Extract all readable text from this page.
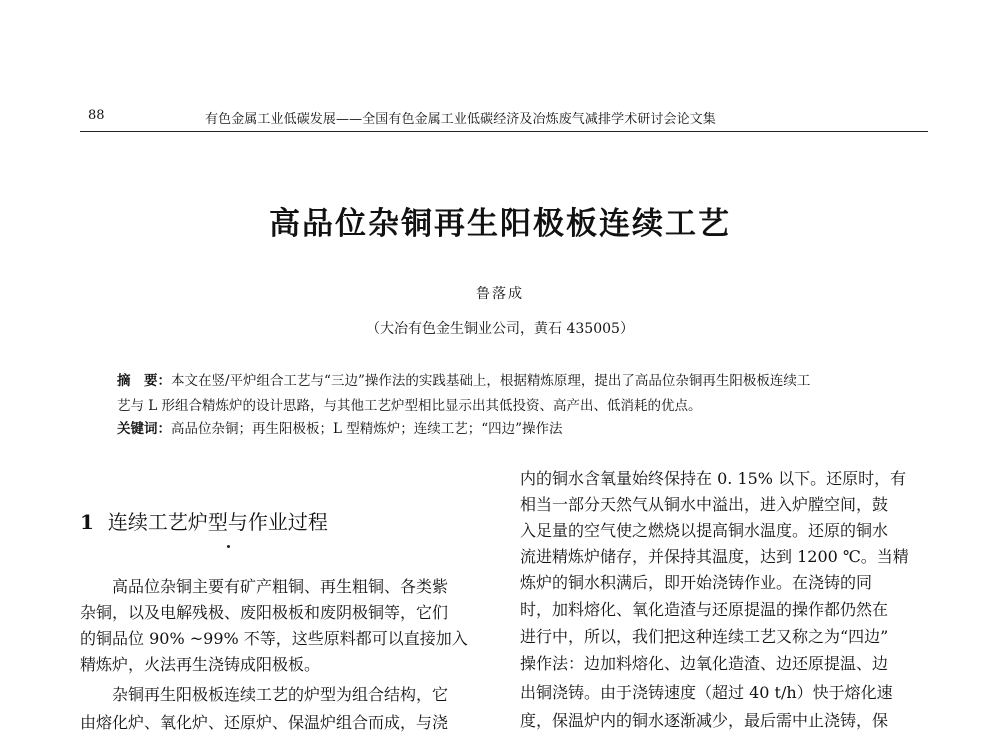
88	有色金属工业低碳发展——全国有色金属工业低碳经济及冶炼废气减排学术研讨会论文集
高品位杂铜再生阳极板连续工艺
鲁落成
（大冶有色金生铜业公司，黄石 435005）
摘　要：本文在竖/平炉组合工艺与“三边”操作法的实践基础上，根据精炼原理，提出了高品位杂铜再生阳极板连续工
艺与 L 形组合精炼炉的设计思路，与其他工艺炉型相比显示出其低投资、高产出、低消耗的优点。
关键词：高品位杂铜；再生阳极板；L 型精炼炉；连续工艺；“四边”操作法
1 连续工艺炉型与作业过程
　　高品位杂铜主要有矿产粗铜、再生粗铜、各类紫
杂铜，以及电解残极、废阳极板和废阴极铜等，它们
的铜品位 90% ~99% 不等，这些原料都可以直接加入
精炼炉，火法再生浇铸成阳极板。
　　杂铜再生阳极板连续工艺的炉型为组合结构，它
由熔化炉、氧化炉、还原炉、保温炉组合而成，与浇
内的铜水含氧量始终保持在 0. 15% 以下。还原时，有
相当一部分天然气从铜水中溢出，进入炉膛空间，鼓
入足量的空气使之燃烧以提高铜水温度。还原的铜水
流进精炼炉储存，并保持其温度，达到 1200 ℃。当精
炼炉的铜水积满后，即开始浇铸作业。在浇铸的同
时，加料熔化、氧化造渣与还原提温的操作都仍然在
进行中，所以，我们把这种连续工艺又称之为“四边”
操作法：边加料熔化、边氧化造渣、边还原提温、边
出铜浇铸。由于浇铸速度（超过 40 t/h）快于熔化速
度，保温炉内的铜水逐渐减少，最后需中止浇铸，保
